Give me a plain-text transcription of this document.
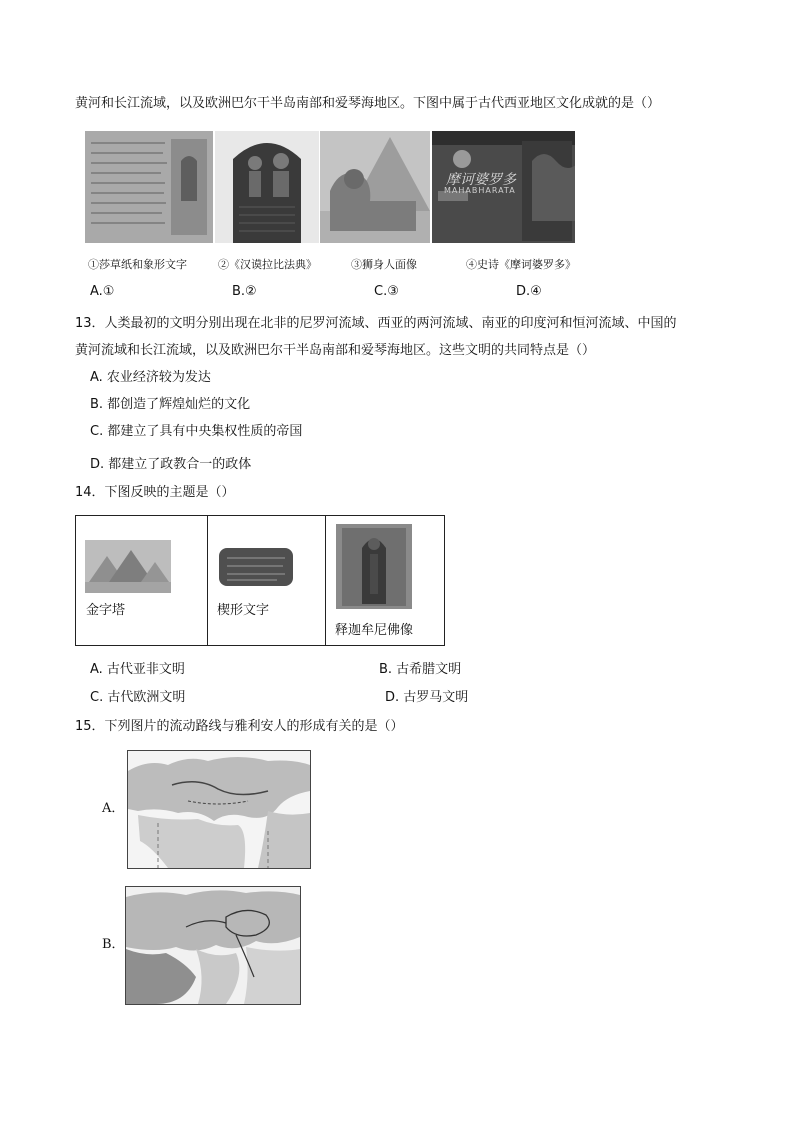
黄河和长江流域，以及欧洲巴尔干半岛南部和爱琴海地区。下图中属于古代西亚地区文化成就的是（）
摩诃婆罗多
MAHABHARATA
①莎草纸和象形文字	②《汉谟拉比法典》	③狮身人面像	④史诗《摩诃婆罗多》
A.①	B.②	C.③	D.④
13．人类最初的文明分别出现在北非的尼罗河流域、西亚的两河流域、南亚的印度河和恒河流域、中国的
黄河流域和长江流域，以及欧洲巴尔干半岛南部和爱琴海地区。这些文明的共同特点是（）
A. 农业经济较为发达
B. 都创造了辉煌灿烂的文化
C. 都建立了具有中央集权性质的帝国
D. 都建立了政教合一的政体
14．下图反映的主题是（）
金字塔	楔形文字
释迦牟尼佛像
A. 古代亚非文明	B. 古希腊文明
C. 古代欧洲文明	D. 古罗马文明
15．下列图片的流动路线与雅利安人的形成有关的是（）
A．
B．
